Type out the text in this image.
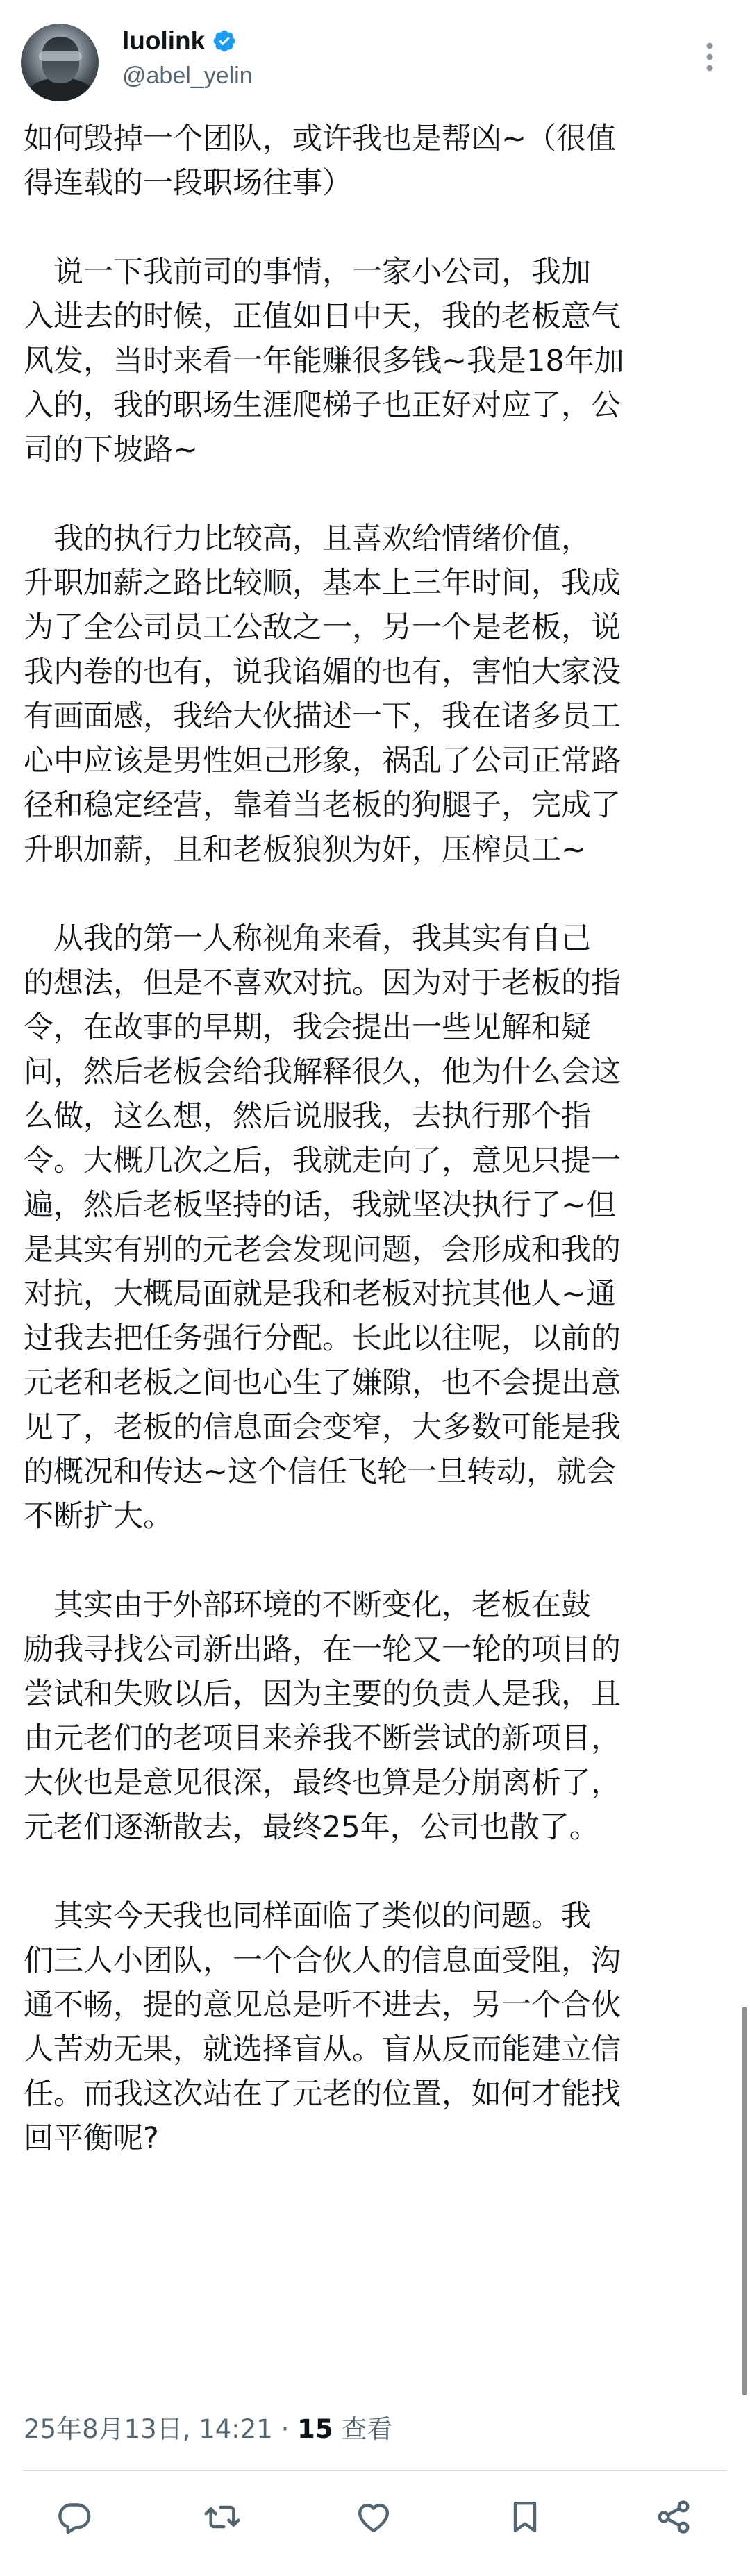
luolink
@abel_yelin
如何毁掉一个团队，或许我也是帮凶~（很值
得连载的一段职场往事）
　说一下我前司的事情，一家小公司，我加
入进去的时候，正值如日中天，我的老板意气
风发，当时来看一年能赚很多钱~我是18年加
入的，我的职场生涯爬梯子也正好对应了，公
司的下坡路~
　我的执行力比较高，且喜欢给情绪价值，
升职加薪之路比较顺，基本上三年时间，我成
为了全公司员工公敌之一，另一个是老板，说
我内卷的也有，说我谄媚的也有，害怕大家没
有画面感，我给大伙描述一下，我在诸多员工
心中应该是男性妲己形象，祸乱了公司正常路
径和稳定经营，靠着当老板的狗腿子，完成了
升职加薪，且和老板狼狈为奸，压榨员工~
　从我的第一人称视角来看，我其实有自己
的想法，但是不喜欢对抗。因为对于老板的指
令，在故事的早期，我会提出一些见解和疑
问，然后老板会给我解释很久，他为什么会这
么做，这么想，然后说服我，去执行那个指
令。大概几次之后，我就走向了，意见只提一
遍，然后老板坚持的话，我就坚决执行了~但
是其实有别的元老会发现问题，会形成和我的
对抗，大概局面就是我和老板对抗其他人~通
过我去把任务强行分配。长此以往呢，以前的
元老和老板之间也心生了嫌隙，也不会提出意
见了，老板的信息面会变窄，大多数可能是我
的概况和传达~这个信任飞轮一旦转动，就会
不断扩大。
　其实由于外部环境的不断变化，老板在鼓
励我寻找公司新出路，在一轮又一轮的项目的
尝试和失败以后，因为主要的负责人是我，且
由元老们的老项目来养我不断尝试的新项目，
大伙也是意见很深，最终也算是分崩离析了，
元老们逐渐散去，最终25年，公司也散了。
　其实今天我也同样面临了类似的问题。我
们三人小团队，一个合伙人的信息面受阻，沟
通不畅，提的意见总是听不进去，另一个合伙
人苦劝无果，就选择盲从。盲从反而能建立信
任。而我这次站在了元老的位置，如何才能找
回平衡呢?
25年8月13日, 14:21 · 15 查看
